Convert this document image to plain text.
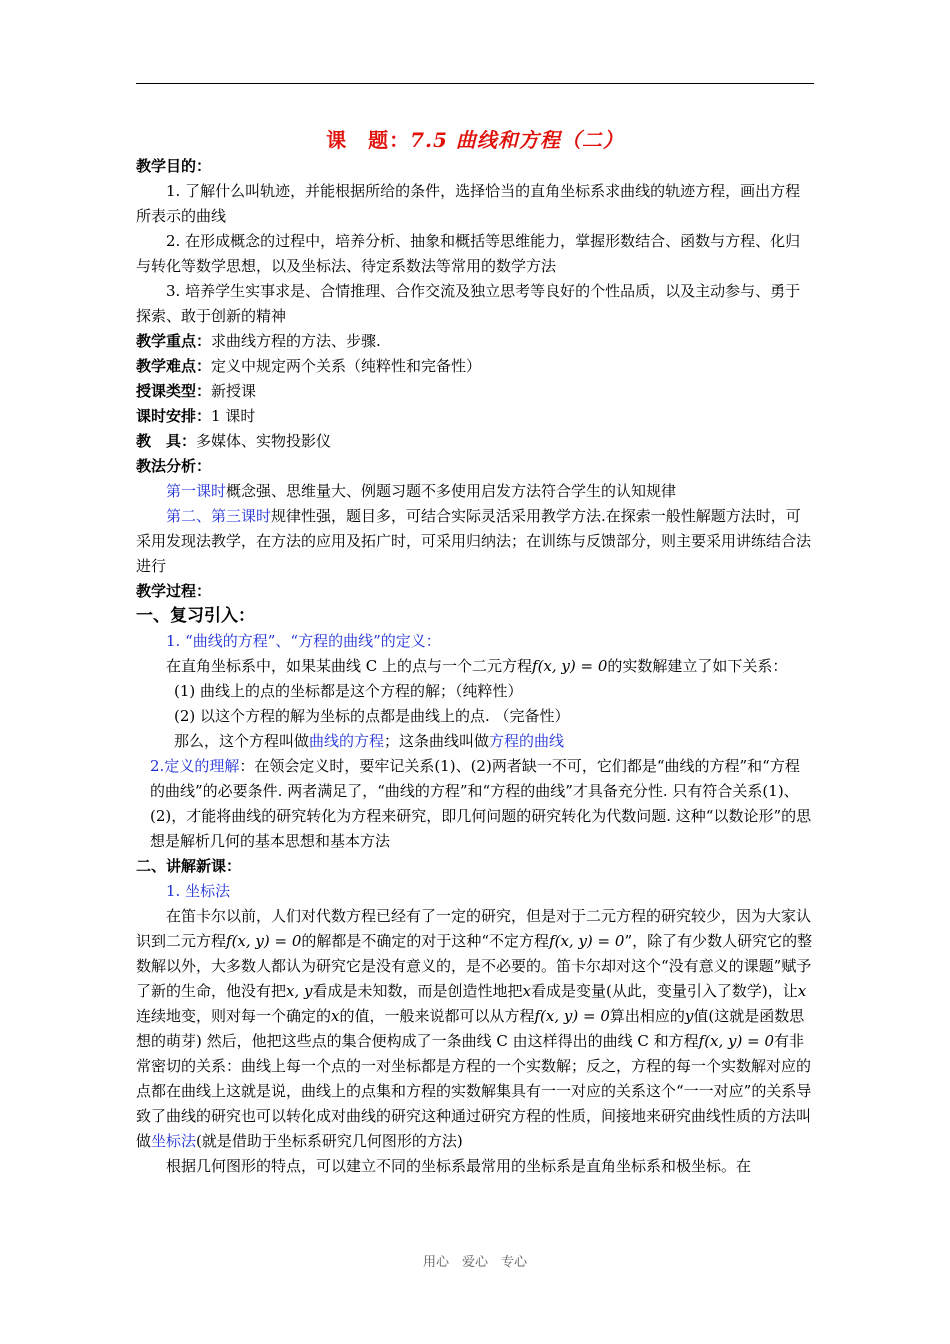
课　题：7.5 曲线和方程（二）

教学目的：

1. 了解什么叫轨迹，并能根据所给的条件，选择恰当的直角坐标系求曲线的轨迹方程，画出方程所表示的曲线

2. 在形成概念的过程中，培养分析、抽象和概括等思维能力，掌握形数结合、函数与方程、化归与转化等数学思想，以及坐标法、待定系数法等常用的数学方法

3. 培养学生实事求是、合情推理、合作交流及独立思考等良好的个性品质，以及主动参与、勇于探索、敢于创新的精神

教学重点：求曲线方程的方法、步骤.

教学难点：定义中规定两个关系（纯粹性和完备性）

授课类型：新授课

课时安排：1 课时

教　具：多媒体、实物投影仪

教法分析：

第一课时概念强、思维量大、例题习题不多使用启发方法符合学生的认知规律

第二、第三课时规律性强，题目多，可结合实际灵活采用教学方法.在探索一般性解题方法时，可采用发现法教学，在方法的应用及拓广时，可采用归纳法；在训练与反馈部分，则主要采用讲练结合法进行

教学过程：

一、复习引入：

1. “曲线的方程”、“方程的曲线”的定义：

在直角坐标系中，如果某曲线 C 上的点与一个二元方程f(x, y) = 0的实数解建立了如下关系：

(1) 曲线上的点的坐标都是这个方程的解；（纯粹性）

(2) 以这个方程的解为坐标的点都是曲线上的点. （完备性）

那么，这个方程叫做曲线的方程；这条曲线叫做方程的曲线

2.定义的理解：在领会定义时，要牢记关系(1)、(2)两者缺一不可，它们都是“曲线的方程”和“方程的曲线”的必要条件. 两者满足了，“曲线的方程”和“方程的曲线”才具备充分性. 只有符合关系(1)、(2)，才能将曲线的研究转化为方程来研究，即几何问题的研究转化为代数问题. 这种“以数论形”的思想是解析几何的基本思想和基本方法

二、讲解新课：

1. 坐标法

在笛卡尔以前，人们对代数方程已经有了一定的研究，但是对于二元方程的研究较少，因为大家认识到二元方程f(x, y) = 0的解都是不确定的对于这种“不定方程f(x, y) = 0”，除了有少数人研究它的整数解以外，大多数人都认为研究它是没有意义的，是不必要的。笛卡尔却对这个“没有意义的课题”赋予了新的生命，他没有把x, y看成是未知数，而是创造性地把x看成是变量(从此，变量引入了数学)，让x连续地变，则对每一个确定的x的值，一般来说都可以从方程f(x, y) = 0算出相应的y值(这就是函数思想的萌芽) 然后，他把这些点的集合便构成了一条曲线 C 由这样得出的曲线 C 和方程f(x, y) = 0有非常密切的关系：曲线上每一个点的一对坐标都是方程的一个实数解；反之，方程的每一个实数解对应的点都在曲线上这就是说，曲线上的点集和方程的实数解集具有一一对应的关系这个“一一对应”的关系导致了曲线的研究也可以转化成对曲线的研究这种通过研究方程的性质，间接地来研究曲线性质的方法叫做坐标法(就是借助于坐标系研究几何图形的方法)

根据几何图形的特点，可以建立不同的坐标系最常用的坐标系是直角坐标系和极坐标。在

用心　爱心　专心
